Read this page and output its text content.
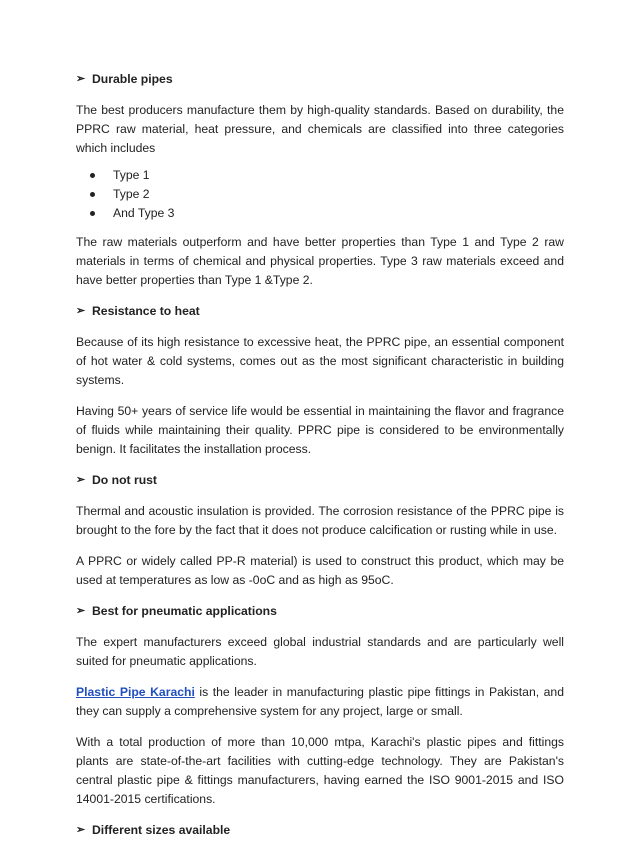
➢ Durable pipes

The best producers manufacture them by high-quality standards. Based on durability, the PPRC raw material, heat pressure, and chemicals are classified into three categories which includes

Type 1
Type 2
And Type 3

The raw materials outperform and have better properties than Type 1 and Type 2 raw materials in terms of chemical and physical properties. Type 3 raw materials exceed and have better properties than Type 1 &Type 2.

➢ Resistance to heat

Because of its high resistance to excessive heat, the PPRC pipe, an essential component of hot water & cold systems, comes out as the most significant characteristic in building systems.

Having 50+ years of service life would be essential in maintaining the flavor and fragrance of fluids while maintaining their quality. PPRC pipe is considered to be environmentally benign. It facilitates the installation process.

➢ Do not rust

Thermal and acoustic insulation is provided. The corrosion resistance of the PPRC pipe is brought to the fore by the fact that it does not produce calcification or rusting while in use.

A PPRC or widely called PP-R material) is used to construct this product, which may be used at temperatures as low as -0oC and as high as 95oC.

➢ Best for pneumatic applications

The expert manufacturers exceed global industrial standards and are particularly well suited for pneumatic applications.

Plastic Pipe Karachi is the leader in manufacturing plastic pipe fittings in Pakistan, and they can supply a comprehensive system for any project, large or small.

With a total production of more than 10,000 mtpa, Karachi's plastic pipes and fittings plants are state-of-the-art facilities with cutting-edge technology. They are Pakistan's central plastic pipe & fittings manufacturers, having earned the ISO 9001-2015 and ISO 14001-2015 certifications.

➢ Different sizes available
